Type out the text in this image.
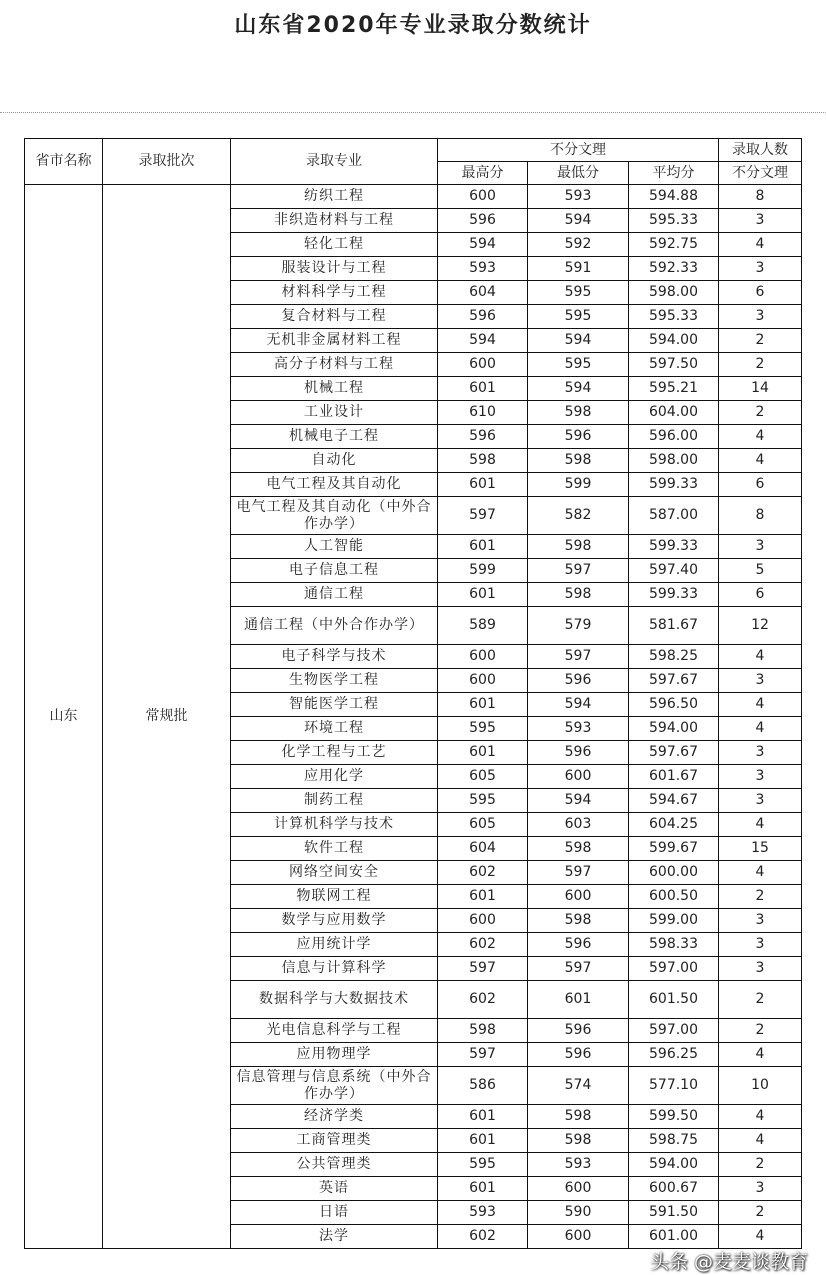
山东省2020年专业录取分数统计
省市名称	录取批次	录取专业	不分文理			录取人数
			最高分	最低分	平均分	不分文理
山东	常规批	纺织工程	600	593	594.88	8
		非织造材料与工程	596	594	595.33	3
		轻化工程	594	592	592.75	4
		服装设计与工程	593	591	592.33	3
		材料科学与工程	604	595	598.00	6
		复合材料与工程	596	595	595.33	3
		无机非金属材料工程	594	594	594.00	2
		高分子材料与工程	600	595	597.50	2
		机械工程	601	594	595.21	14
		工业设计	610	598	604.00	2
		机械电子工程	596	596	596.00	4
		自动化	598	598	598.00	4
		电气工程及其自动化	601	599	599.33	6
		电气工程及其自动化（中外合作办学）	597	582	587.00	8
		人工智能	601	598	599.33	3
		电子信息工程	599	597	597.40	5
		通信工程	601	598	599.33	6
		通信工程（中外合作办学）	589	579	581.67	12
		电子科学与技术	600	597	598.25	4
		生物医学工程	600	596	597.67	3
		智能医学工程	601	594	596.50	4
		环境工程	595	593	594.00	4
		化学工程与工艺	601	596	597.67	3
		应用化学	605	600	601.67	3
		制药工程	595	594	594.67	3
		计算机科学与技术	605	603	604.25	4
		软件工程	604	598	599.67	15
		网络空间安全	602	597	600.00	4
		物联网工程	601	600	600.50	2
		数学与应用数学	600	598	599.00	3
		应用统计学	602	596	598.33	3
		信息与计算科学	597	597	597.00	3
		数据科学与大数据技术	602	601	601.50	2
		光电信息科学与工程	598	596	597.00	2
		应用物理学	597	596	596.25	4
		信息管理与信息系统（中外合作办学）	586	574	577.10	10
		经济学类	601	598	599.50	4
		工商管理类	601	598	598.75	4
		公共管理类	595	593	594.00	2
		英语	601	600	600.67	3
		日语	593	590	591.50	2
		法学	602	600	601.00	4
头条 @麦麦谈教育
